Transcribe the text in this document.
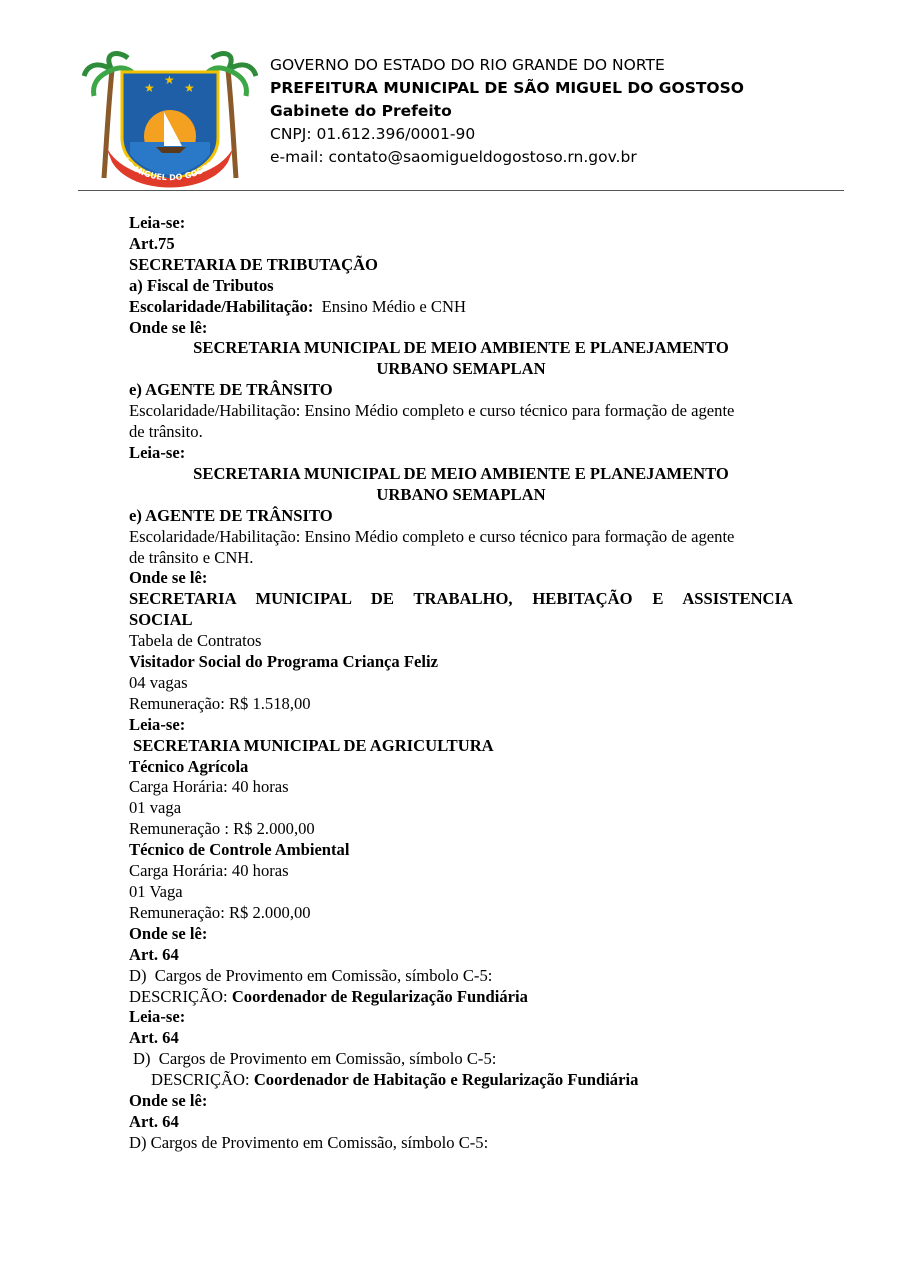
★
★
★
SÃO MIGUEL DO GOSTOSO
GOVERNO DO ESTADO DO RIO GRANDE DO NORTE
PREFEITURA MUNICIPAL DE SÃO MIGUEL DO GOSTOSO
Gabinete do Prefeito
CNPJ: 01.612.396/0001-90
e-mail: contato@saomigueldogostoso.rn.gov.br

Leia-se:

Art.75

SECRETARIA DE TRIBUTAÇÃO

a) Fiscal de Tributos

Escolaridade/Habilitação:  Ensino Médio e CNH

Onde se lê:

SECRETARIA MUNICIPAL DE MEIO AMBIENTE E PLANEJAMENTO

URBANO SEMAPLAN

e) AGENTE DE TRÂNSITO

Escolaridade/Habilitação: Ensino Médio completo e curso técnico para formação de agente

de trânsito.

Leia-se:

SECRETARIA MUNICIPAL DE MEIO AMBIENTE E PLANEJAMENTO

URBANO SEMAPLAN

e) AGENTE DE TRÂNSITO

Escolaridade/Habilitação: Ensino Médio completo e curso técnico para formação de agente

de trânsito e CNH.

Onde se lê:

SECRETARIA MUNICIPAL DE TRABALHO, HEBITAÇÃO E ASSISTENCIA

SOCIAL

Tabela de Contratos

Visitador Social do Programa Criança Feliz

04 vagas

Remuneração: R$ 1.518,00

Leia-se:

SECRETARIA MUNICIPAL DE AGRICULTURA

Técnico Agrícola

Carga Horária: 40 horas

01 vaga

Remuneração : R$ 2.000,00

Técnico de Controle Ambiental

Carga Horária: 40 horas

01 Vaga

Remuneração: R$ 2.000,00

Onde se lê:

Art. 64

D)  Cargos de Provimento em Comissão, símbolo C-5:

DESCRIÇÃO: Coordenador de Regularização Fundiária

Leia-se:

Art. 64

D)  Cargos de Provimento em Comissão, símbolo C-5:

DESCRIÇÃO: Coordenador de Habitação e Regularização Fundiária

Onde se lê:

Art. 64

D) Cargos de Provimento em Comissão, símbolo C-5:
